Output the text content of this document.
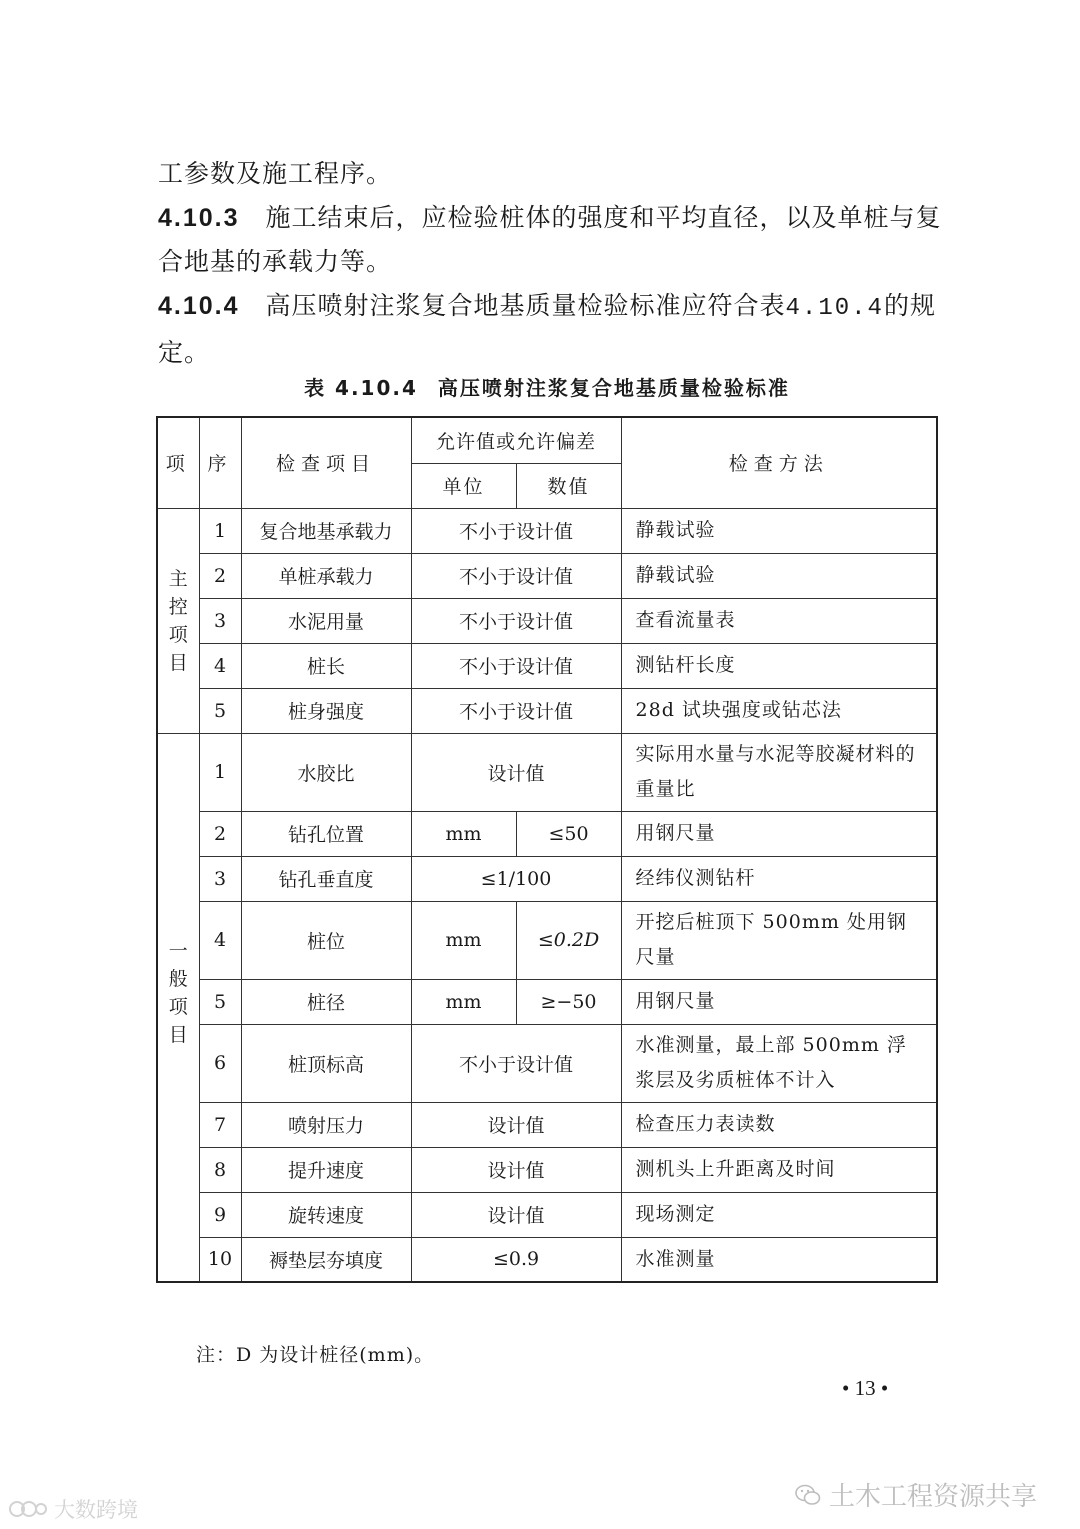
工参数及施工程序。

4.10.3 施工结束后，应检验桩体的强度和平均直径，以及单桩与复合地基的承载力等。

4.10.4 高压喷射注浆复合地基质量检验标准应符合表4.10.4的规定。

表 4.10.4 高压喷射注浆复合地基质量检验标准
项	序	检查项目	允许值或允许偏差		检查方法
			单位	数值	

主
控
项
目	1	复合地基承载力	不小于设计值		静载试验
	2	单桩承载力	不小于设计值		静载试验
	3	水泥用量	不小于设计值		查看流量表
	4	桩长	不小于设计值		测钻杆长度
	5	桩身强度	不小于设计值		28d 试块强度或钻芯法

一
般
项
目	1	水胶比	设计值		实际用水量与水泥等胶凝材料的重量比
	2	钻孔位置	mm	≤50	用钢尺量
	3	钻孔垂直度	≤1/100		经纬仪测钻杆
	4	桩位	mm	≤0.2D	开挖后桩顶下 500mm 处用钢尺量
	5	桩径	mm	≥−50	用钢尺量
	6	桩顶标高	不小于设计值		水准测量，最上部 500mm 浮浆层及劣质桩体不计入
	7	喷射压力	设计值		检查压力表读数
	8	提升速度	设计值		测机头上升距离及时间
	9	旋转速度	设计值		现场测定
	10	褥垫层夯填度	≤0.9		水准测量
注：D 为设计桩径(mm)。
• 13 •
土木工程资源共享
大数跨境
